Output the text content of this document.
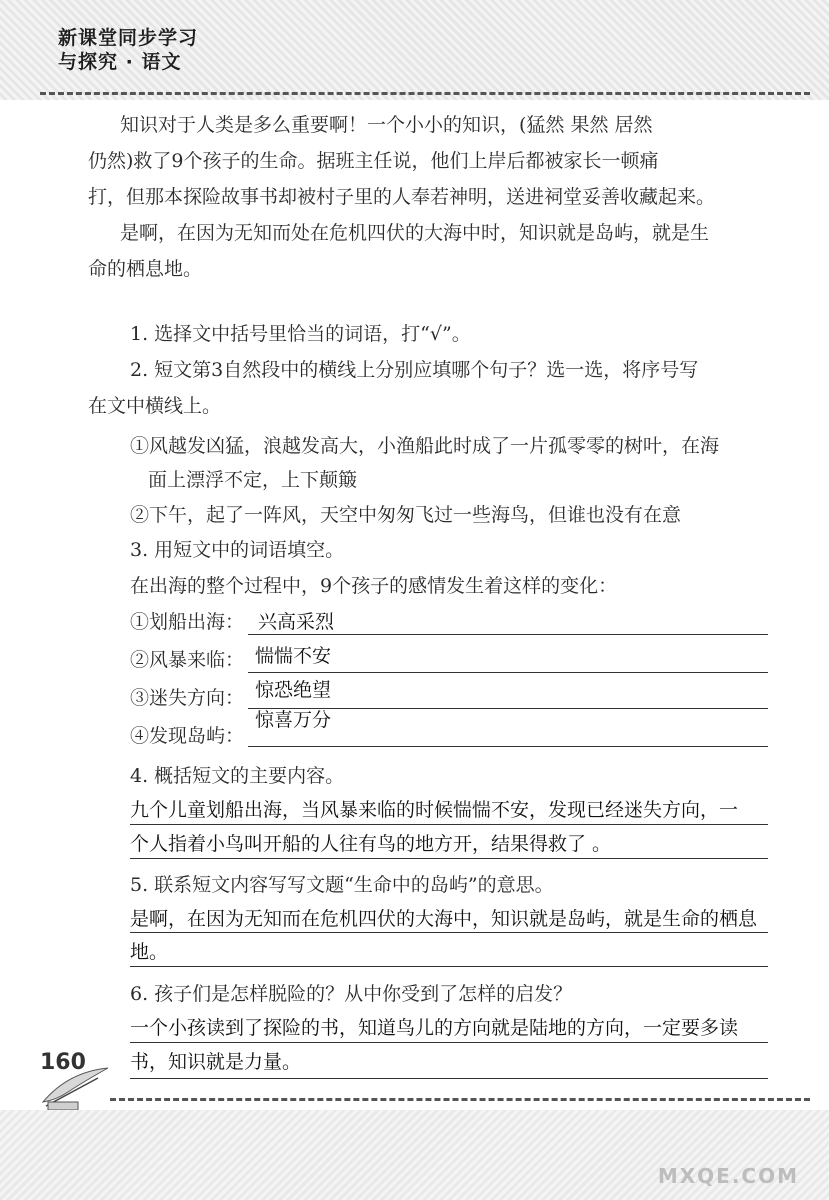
新课堂同步学习
与探究 · 语文
知识对于人类是多么重要啊！一个小小的知识，(猛然 果然 居然
仍然)救了9个孩子的生命。据班主任说，他们上岸后都被家长一顿痛
打，但那本探险故事书却被村子里的人奉若神明，送进祠堂妥善收藏起来。
是啊，在因为无知而处在危机四伏的大海中时，知识就是岛屿，就是生
命的栖息地。
1. 选择文中括号里恰当的词语，打“√”。
2. 短文第3自然段中的横线上分别应填哪个句子？选一选，将序号写
在文中横线上。
①风越发凶猛，浪越发高大，小渔船此时成了一片孤零零的树叶，在海
面上漂浮不定，上下颠簸
②下午，起了一阵风，天空中匆匆飞过一些海鸟，但谁也没有在意
3. 用短文中的词语填空。
在出海的整个过程中，9个孩子的感情发生着这样的变化：
①划船出海： 兴高采烈
②风暴来临： 惴惴不安
③迷失方向： 惊恐绝望
④发现岛屿：
惊喜万分
4. 概括短文的主要内容。
九个儿童划船出海，当风暴来临的时候惴惴不安，发现已经迷失方向，一
个人指着小鸟叫开船的人往有鸟的地方开，结果得救了 。
5. 联系短文内容写写文题“生命中的岛屿”的意思。
是啊，在因为无知而在危机四伏的大海中，知识就是岛屿，就是生命的栖息
地。
6. 孩子们是怎样脱险的？从中你受到了怎样的启发？
一个小孩读到了探险的书，知道鸟儿的方向就是陆地的方向，一定要多读
书，知识就是力量。
160
MXQE.COM
